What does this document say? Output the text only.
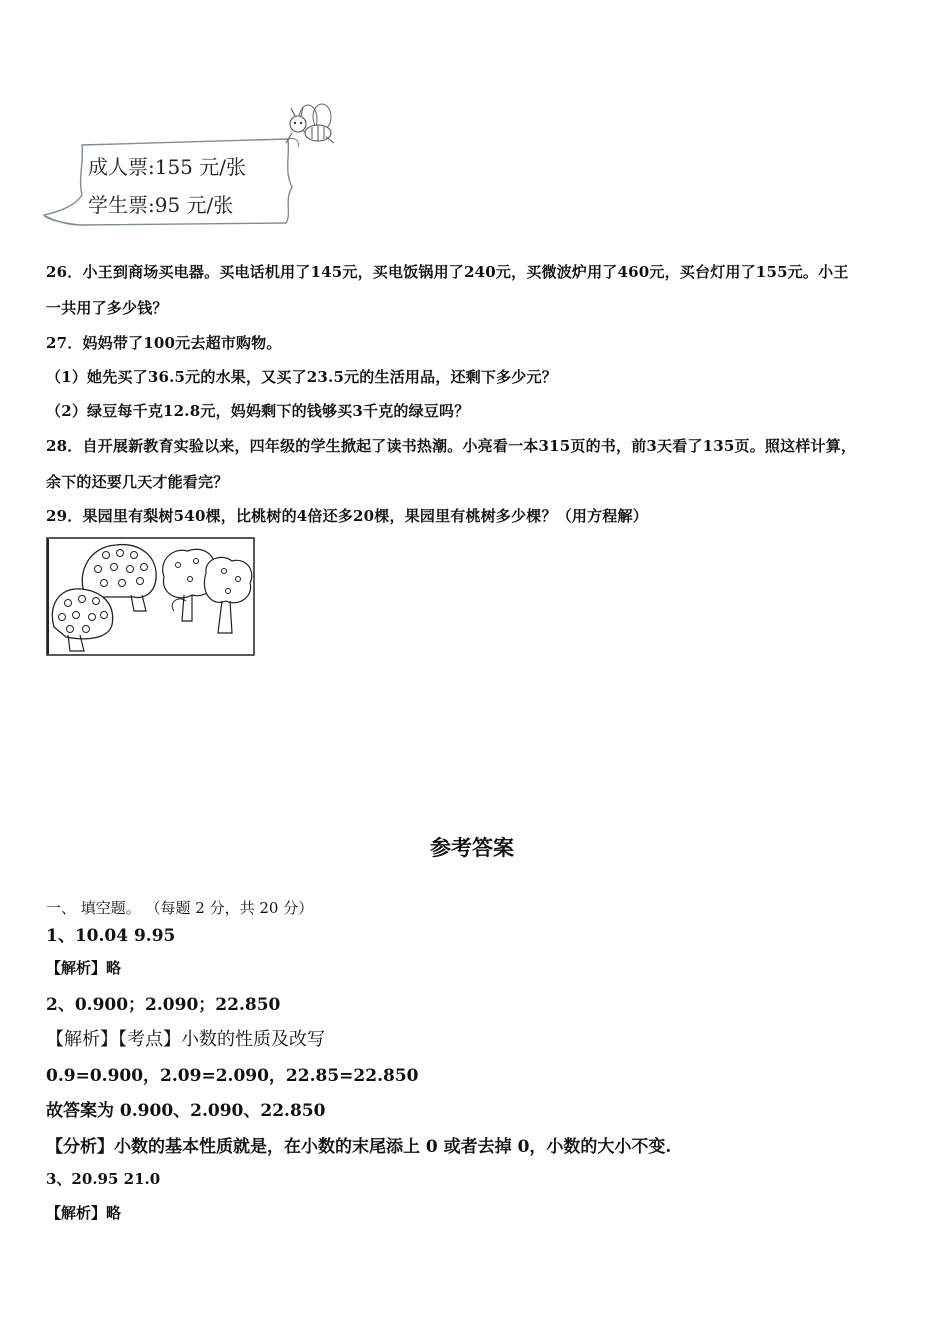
成人票:155 元/张
学生票:95 元/张
26．小王到商场买电器。买电话机用了145元，买电饭锅用了240元，买微波炉用了460元，买台灯用了155元。小王
一共用了多少钱？
27．妈妈带了100元去超市购物。
（1）她先买了36.5元的水果，又买了23.5元的生活用品，还剩下多少元？
（2）绿豆每千克12.8元，妈妈剩下的钱够买3千克的绿豆吗？
28．自开展新教育实验以来，四年级的学生掀起了读书热潮。小亮看一本315页的书，前3天看了135页。照这样计算，
余下的还要几天才能看完？
29．果园里有梨树540棵，比桃树的4倍还多20棵，果园里有桃树多少棵？（用方程解）
参考答案
一、 填空题。 （每题 2 分，共 20 分）
1、10.04 9.95
【解析】略
2、0.900；2.090；22.850
【解析】【考点】小数的性质及改写
0.9=0.900，2.09=2.090，22.85=22.850
故答案为 0.900、2.090、22.850
【分析】小数的基本性质就是，在小数的末尾添上 0 或者去掉 0，小数的大小不变.
3、20.95 21.0
【解析】略
